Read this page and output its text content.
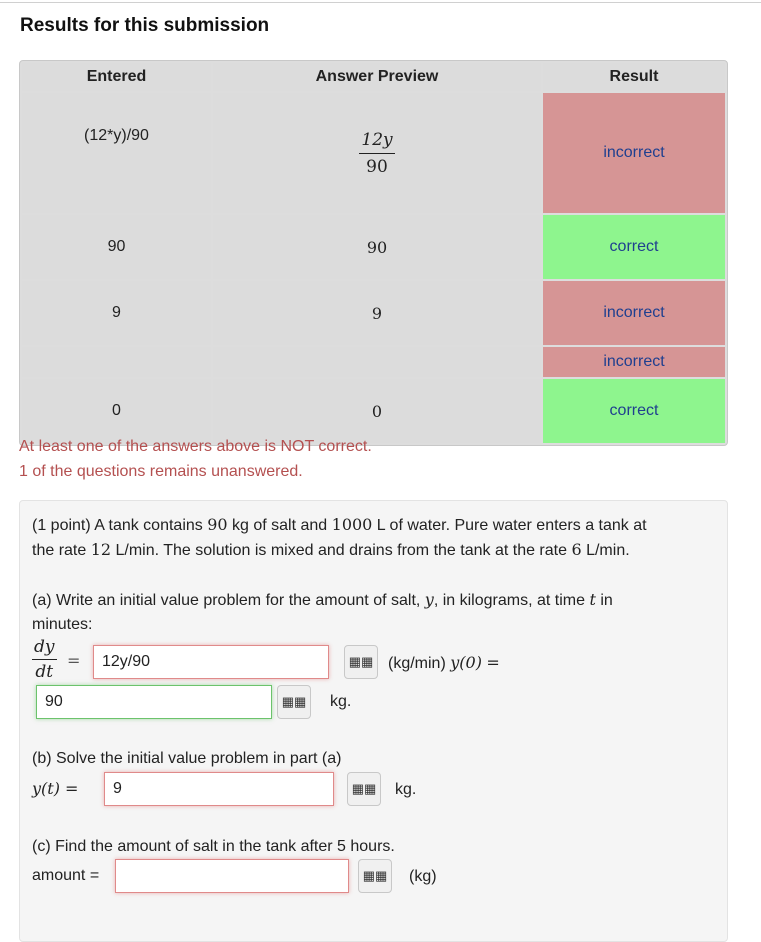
Results for this submission
Entered	Answer Preview	Result
(12*y)/90	$\frac{12y}{90}$	incorrect
90	90	correct
9	9	incorrect
		incorrect
0	0	correct
At least one of the answers above is NOT correct.
1 of the questions remains unanswered.
(1 point) A tank contains 90 kg of salt and 1000 L of water. Pure water enters a tank at
the rate 12 L/min. The solution is mixed and drains from the tank at the rate 6 L/min.
(a) Write an initial value problem for the amount of salt, y, in kilograms, at time t in
minutes:
$\frac{dy}{dt}$ =	12y/90	▦▦ (kg/min) y(0) =
90	▦▦ kg.
(b) Solve the initial value problem in part (a)
y(t) =	9	▦▦ kg.
(c) Find the amount of salt in the tank after 5 hours.
amount =	▦▦ (kg)
